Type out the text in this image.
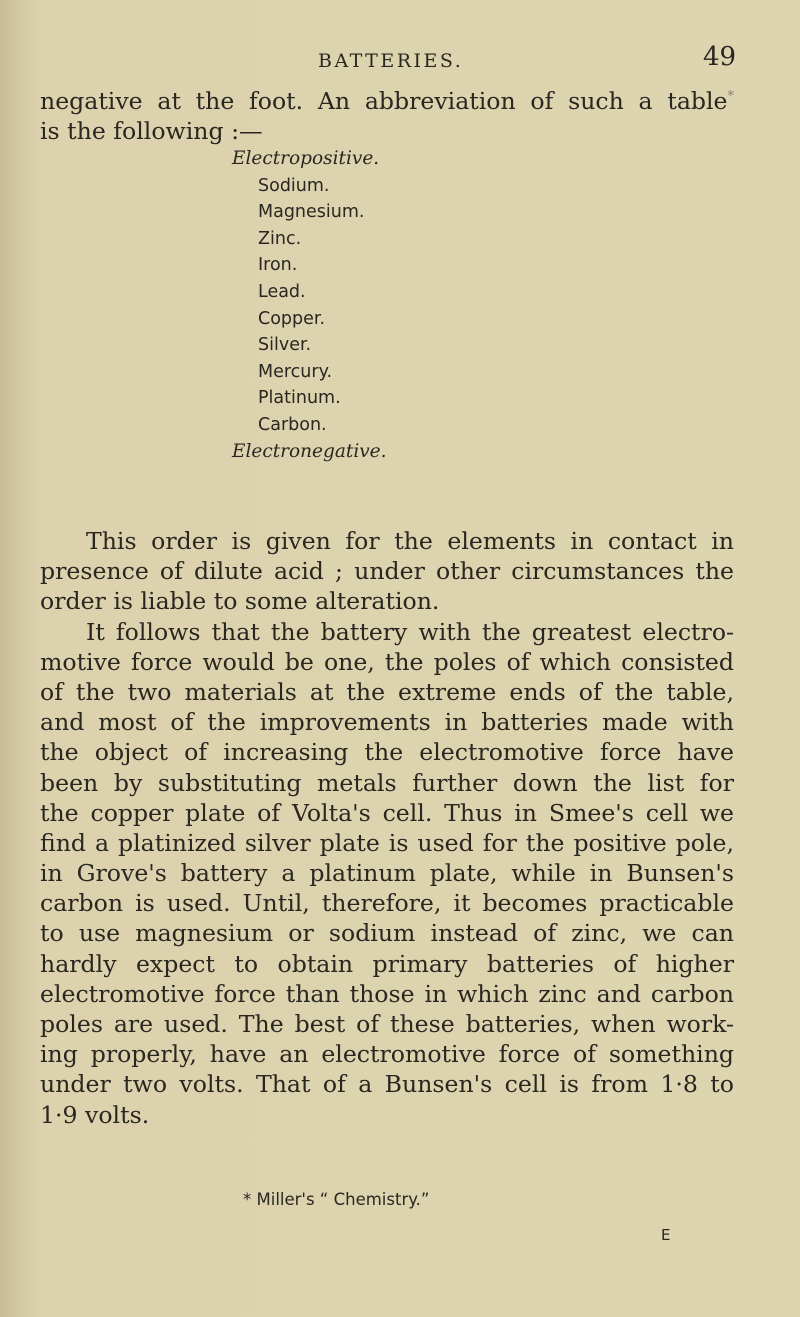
BATTERIES.	49
negative at the foot. An abbreviation of such a table*
is the following :—
Electropositive.
Sodium.
Magnesium.
Zinc.
Iron.
Lead.
Copper.
Silver.
Mercury.
Platinum.
Carbon.
Electronegative.
This order is given for the elements in contact in
presence of dilute acid ; under other circumstances the
order is liable to some alteration.
It follows that the battery with the greatest electro-
motive force would be one, the poles of which consisted
of the two materials at the extreme ends of the table,
and most of the improvements in batteries made with
the object of increasing the electromotive force have
been by substituting metals further down the list for
the copper plate of Volta's cell. Thus in Smee's cell we
find a platinized silver plate is used for the positive pole,
in Grove's battery a platinum plate, while in Bunsen's
carbon is used. Until, therefore, it becomes practicable
to use magnesium or sodium instead of zinc, we can
hardly expect to obtain primary batteries of higher
electromotive force than those in which zinc and carbon
poles are used. The best of these batteries, when work-
ing properly, have an electromotive force of something
under two volts. That of a Bunsen's cell is from 1·8 to
1·9 volts.
* Miller's “ Chemistry.”
E
